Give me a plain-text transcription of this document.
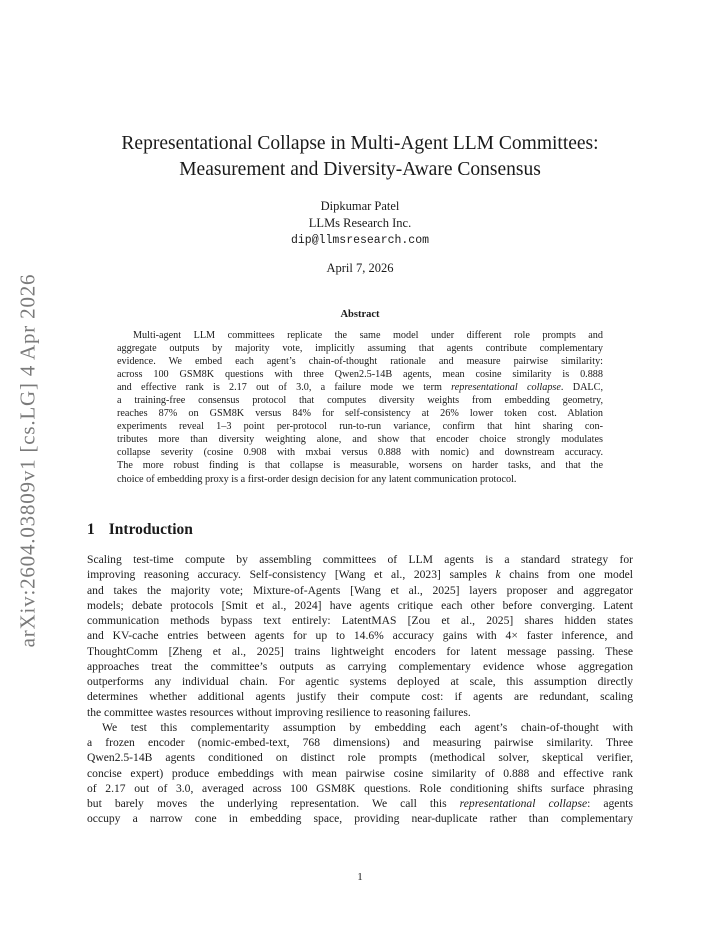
arXiv:2604.03809v1 [cs.LG] 4 Apr 2026
Representational Collapse in Multi-Agent LLM Committees:
Measurement and Diversity-Aware Consensus
Dipkumar Patel
LLMs Research Inc.
dip@llmsresearch.com
April 7, 2026
Abstract
Multi-agent LLM committees replicate the same model under different role prompts and
aggregate outputs by majority vote, implicitly assuming that agents contribute complementary
evidence. We embed each agent’s chain-of-thought rationale and measure pairwise similarity:
across 100 GSM8K questions with three Qwen2.5-14B agents, mean cosine similarity is 0.888
and effective rank is 2.17 out of 3.0, a failure mode we term representational collapse. DALC,
a training-free consensus protocol that computes diversity weights from embedding geometry,
reaches 87% on GSM8K versus 84% for self-consistency at 26% lower token cost. Ablation
experiments reveal 1–3 point per-protocol run-to-run variance, confirm that hint sharing con-
tributes more than diversity weighting alone, and show that encoder choice strongly modulates
collapse severity (cosine 0.908 with mxbai versus 0.888 with nomic) and downstream accuracy.
The more robust finding is that collapse is measurable, worsens on harder tasks, and that the
choice of embedding proxy is a first-order design decision for any latent communication protocol.
1 Introduction
Scaling test-time compute by assembling committees of LLM agents is a standard strategy for
improving reasoning accuracy. Self-consistency [Wang et al., 2023] samples k chains from one model
and takes the majority vote; Mixture-of-Agents [Wang et al., 2025] layers proposer and aggregator
models; debate protocols [Smit et al., 2024] have agents critique each other before converging. Latent
communication methods bypass text entirely: LatentMAS [Zou et al., 2025] shares hidden states
and KV-cache entries between agents for up to 14.6% accuracy gains with 4× faster inference, and
ThoughtComm [Zheng et al., 2025] trains lightweight encoders for latent message passing. These
approaches treat the committee’s outputs as carrying complementary evidence whose aggregation
outperforms any individual chain. For agentic systems deployed at scale, this assumption directly
determines whether additional agents justify their compute cost: if agents are redundant, scaling
the committee wastes resources without improving resilience to reasoning failures.
We test this complementarity assumption by embedding each agent’s chain-of-thought with
a frozen encoder (nomic-embed-text, 768 dimensions) and measuring pairwise similarity. Three
Qwen2.5-14B agents conditioned on distinct role prompts (methodical solver, skeptical verifier,
concise expert) produce embeddings with mean pairwise cosine similarity of 0.888 and effective rank
of 2.17 out of 3.0, averaged across 100 GSM8K questions. Role conditioning shifts surface phrasing
but barely moves the underlying representation. We call this representational collapse: agents
occupy a narrow cone in embedding space, providing near-duplicate rather than complementary
1
